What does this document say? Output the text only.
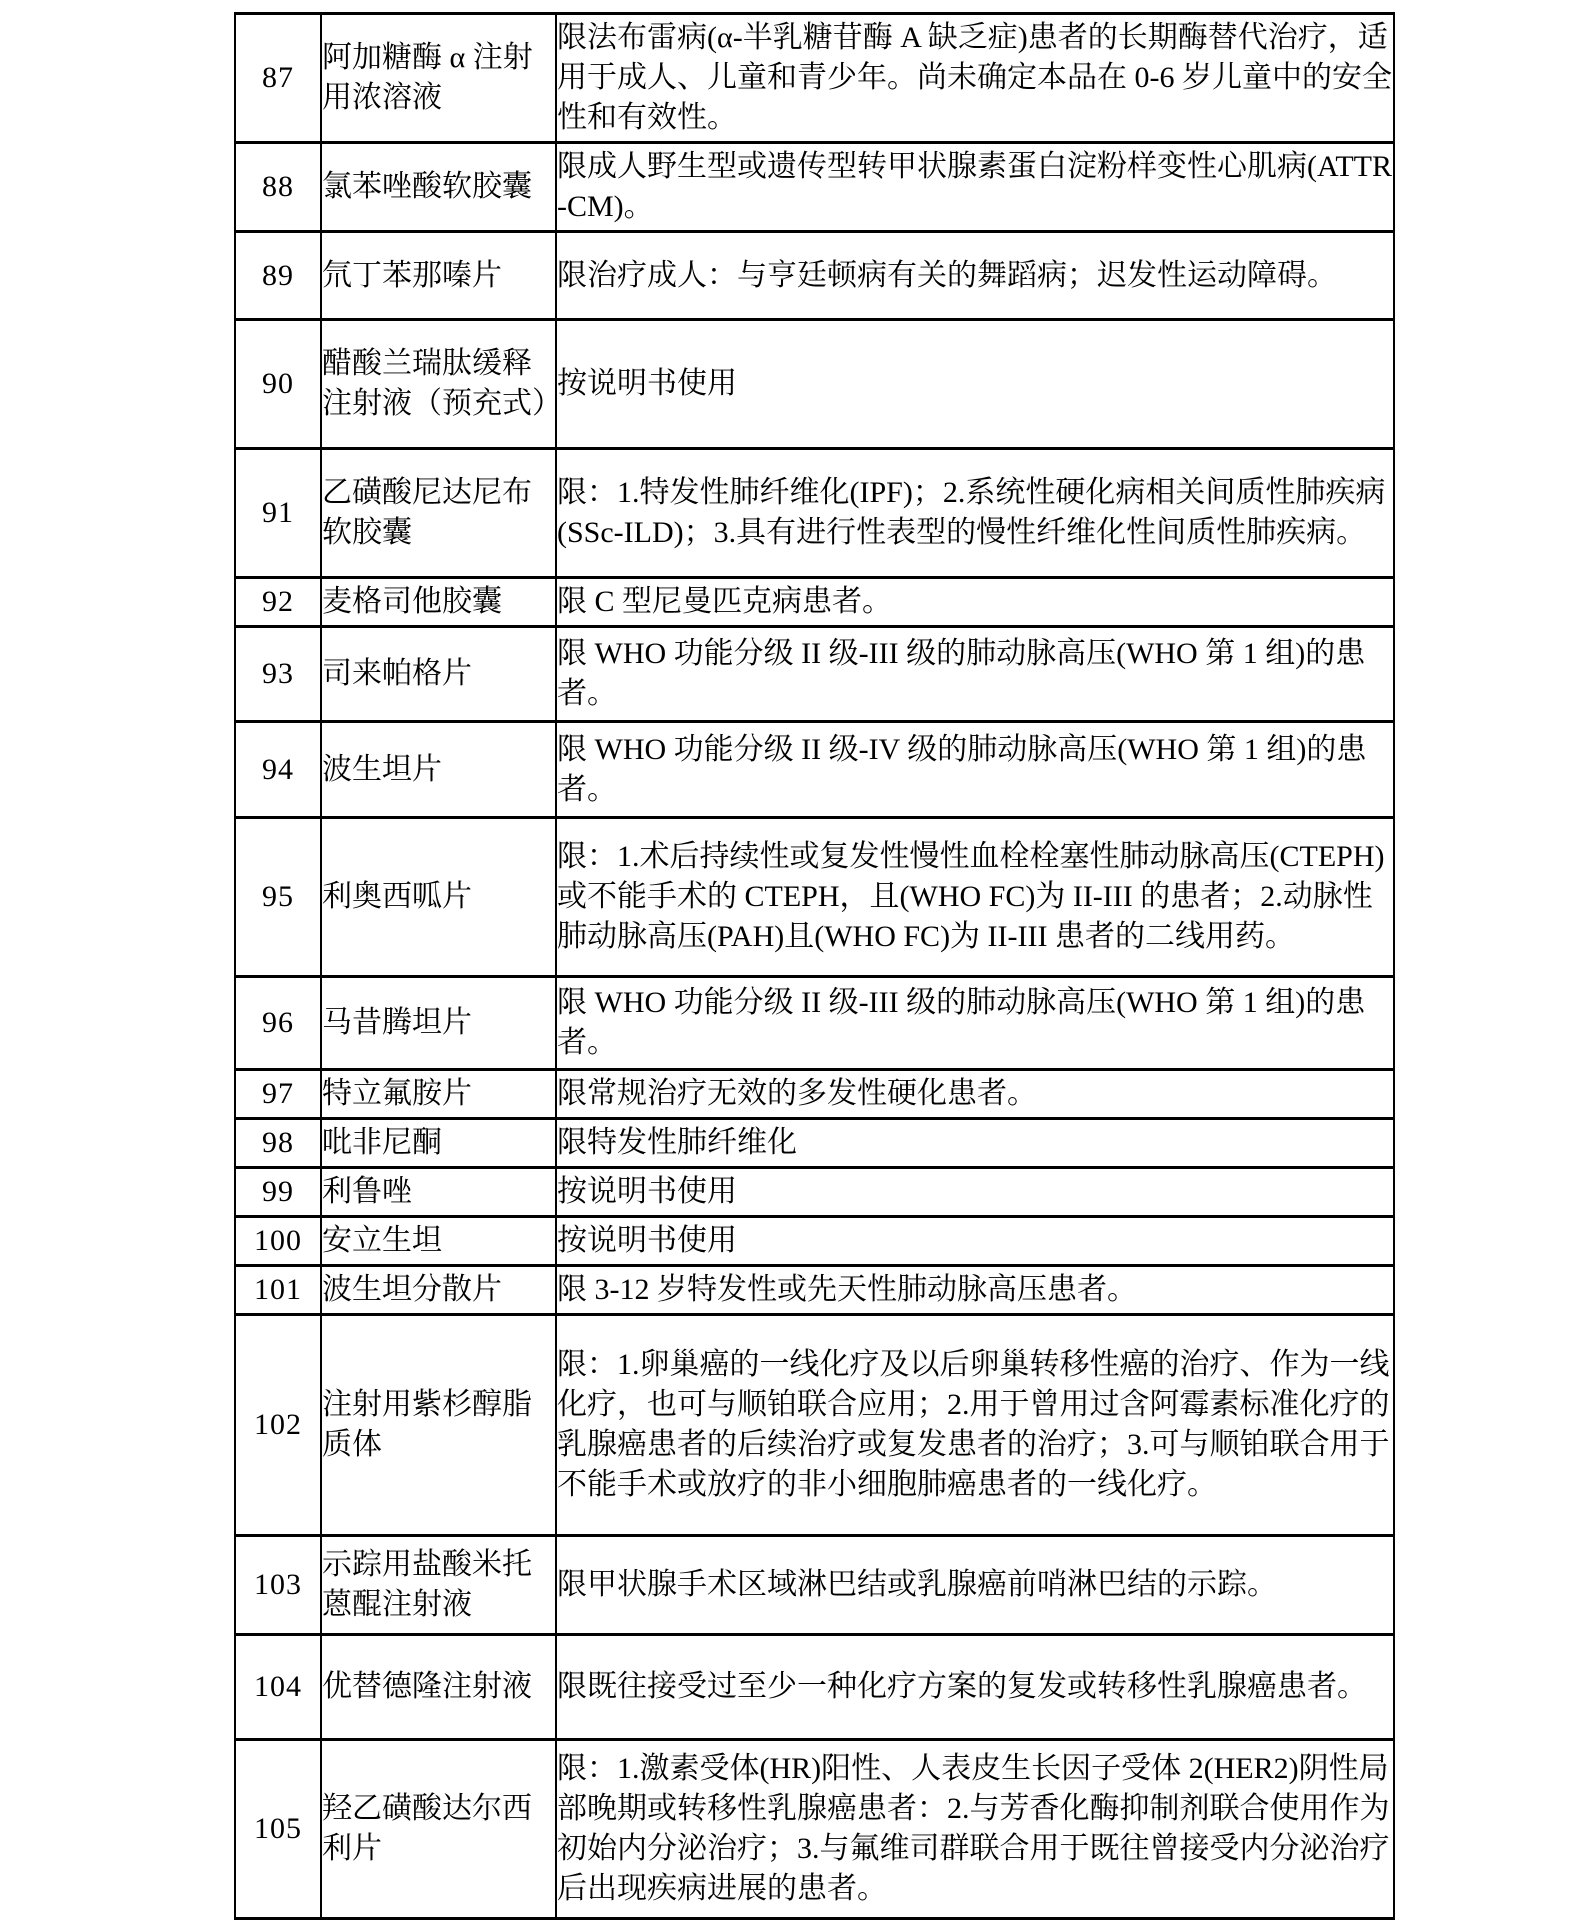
87	阿加糖酶 α 注射用浓溶液	限法布雷病(α-半乳糖苷酶 A 缺乏症)患者的长期酶替代治疗，适用于成人、儿童和青少年。尚未确定本品在 0-6 岁儿童中的安全性和有效性。
88	氯苯唑酸软胶囊	限成人野生型或遗传型转甲状腺素蛋白淀粉样变性心肌病(ATTR-CM)。
89	氘丁苯那嗪片	限治疗成人：与亨廷顿病有关的舞蹈病；迟发性运动障碍。
90	醋酸兰瑞肽缓释注射液（预充式）	按说明书使用
91	乙磺酸尼达尼布软胶囊	限：1.特发性肺纤维化(IPF)；2.系统性硬化病相关间质性肺疾病(SSc-ILD)；3.具有进行性表型的慢性纤维化性间质性肺疾病。
92	麦格司他胶囊	限 C 型尼曼匹克病患者。
93	司来帕格片	限 WHO 功能分级 II 级-III 级的肺动脉高压(WHO 第 1 组)的患者。
94	波生坦片	限 WHO 功能分级 II 级-IV 级的肺动脉高压(WHO 第 1 组)的患者。
95	利奥西呱片	限：1.术后持续性或复发性慢性血栓栓塞性肺动脉高压(CTEPH)或不能手术的 CTEPH，且(WHO FC)为 II-III 的患者；2.动脉性肺动脉高压(PAH)且(WHO FC)为 II-III 患者的二线用药。
96	马昔腾坦片	限 WHO 功能分级 II 级-III 级的肺动脉高压(WHO 第 1 组)的患者。
97	特立氟胺片	限常规治疗无效的多发性硬化患者。
98	吡非尼酮	限特发性肺纤维化
99	利鲁唑	按说明书使用
100	安立生坦	按说明书使用
101	波生坦分散片	限 3-12 岁特发性或先天性肺动脉高压患者。
102	注射用紫杉醇脂质体	限：1.卵巢癌的一线化疗及以后卵巢转移性癌的治疗、作为一线化疗，也可与顺铂联合应用；2.用于曾用过含阿霉素标准化疗的乳腺癌患者的后续治疗或复发患者的治疗；3.可与顺铂联合用于不能手术或放疗的非小细胞肺癌患者的一线化疗。
103	示踪用盐酸米托蒽醌注射液	限甲状腺手术区域淋巴结或乳腺癌前哨淋巴结的示踪。
104	优替德隆注射液	限既往接受过至少一种化疗方案的复发或转移性乳腺癌患者。
105	羟乙磺酸达尔西利片	限：1.激素受体(HR)阳性、人表皮生长因子受体 2(HER2)阴性局部晚期或转移性乳腺癌患者：2.与芳香化酶抑制剂联合使用作为初始内分泌治疗；3.与氟维司群联合用于既往曾接受内分泌治疗后出现疾病进展的患者。
